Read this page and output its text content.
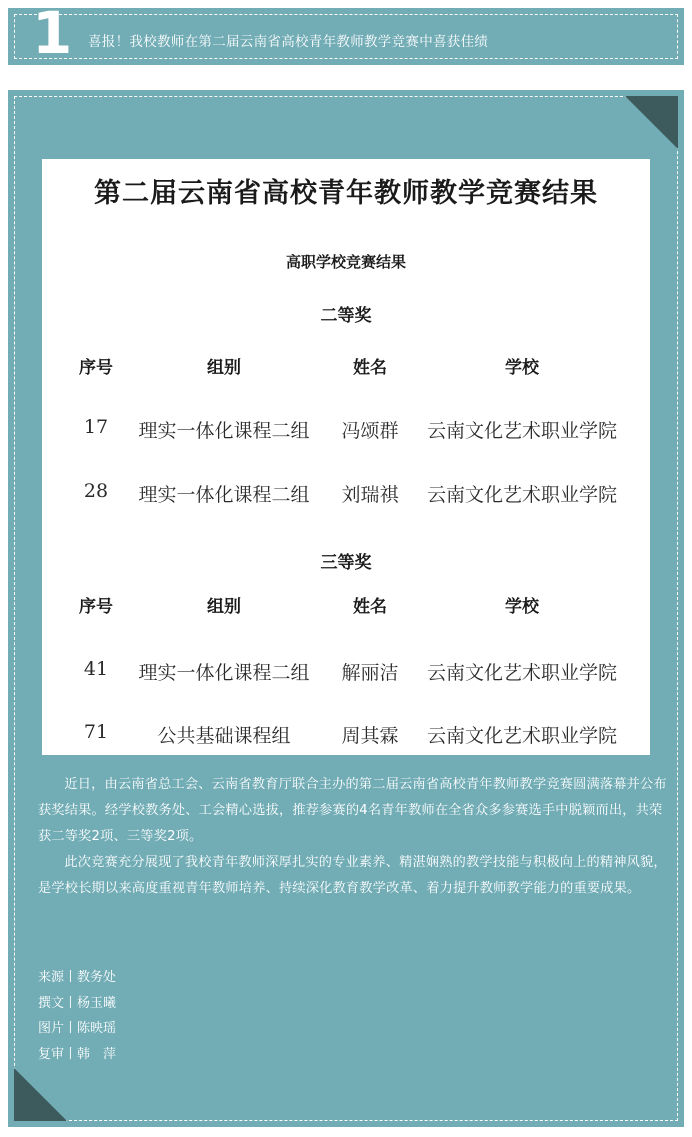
1 喜报！我校教师在第二届云南省高校青年教师教学竞赛中喜获佳绩
第二届云南省高校青年教师教学竞赛结果
高职学校竞赛结果
二等奖
序号	组别	姓名	学校
17	理实一体化课程二组	冯颂群	云南文化艺术职业学院
28	理实一体化课程二组	刘瑞祺	云南文化艺术职业学院
三等奖
序号	组别	姓名	学校
41	理实一体化课程二组	解丽洁	云南文化艺术职业学院
71	公共基础课程组	周其霖	云南文化艺术职业学院

近日，由云南省总工会、云南省教育厅联合主办的第二届云南省高校青年教师教学竞赛圆满落幕并公布获奖结果。经学校教务处、工会精心选拔，推荐参赛的4名青年教师在全省众多参赛选手中脱颖而出，共荣获二等奖2项、三等奖2项。

此次竞赛充分展现了我校青年教师深厚扎实的专业素养、精湛娴熟的教学技能与积极向上的精神风貌，是学校长期以来高度重视青年教师培养、持续深化教育教学改革、着力提升教师教学能力的重要成果。

来源丨教务处
撰文丨杨玉曦
图片丨陈映瑶
复审丨韩　萍
